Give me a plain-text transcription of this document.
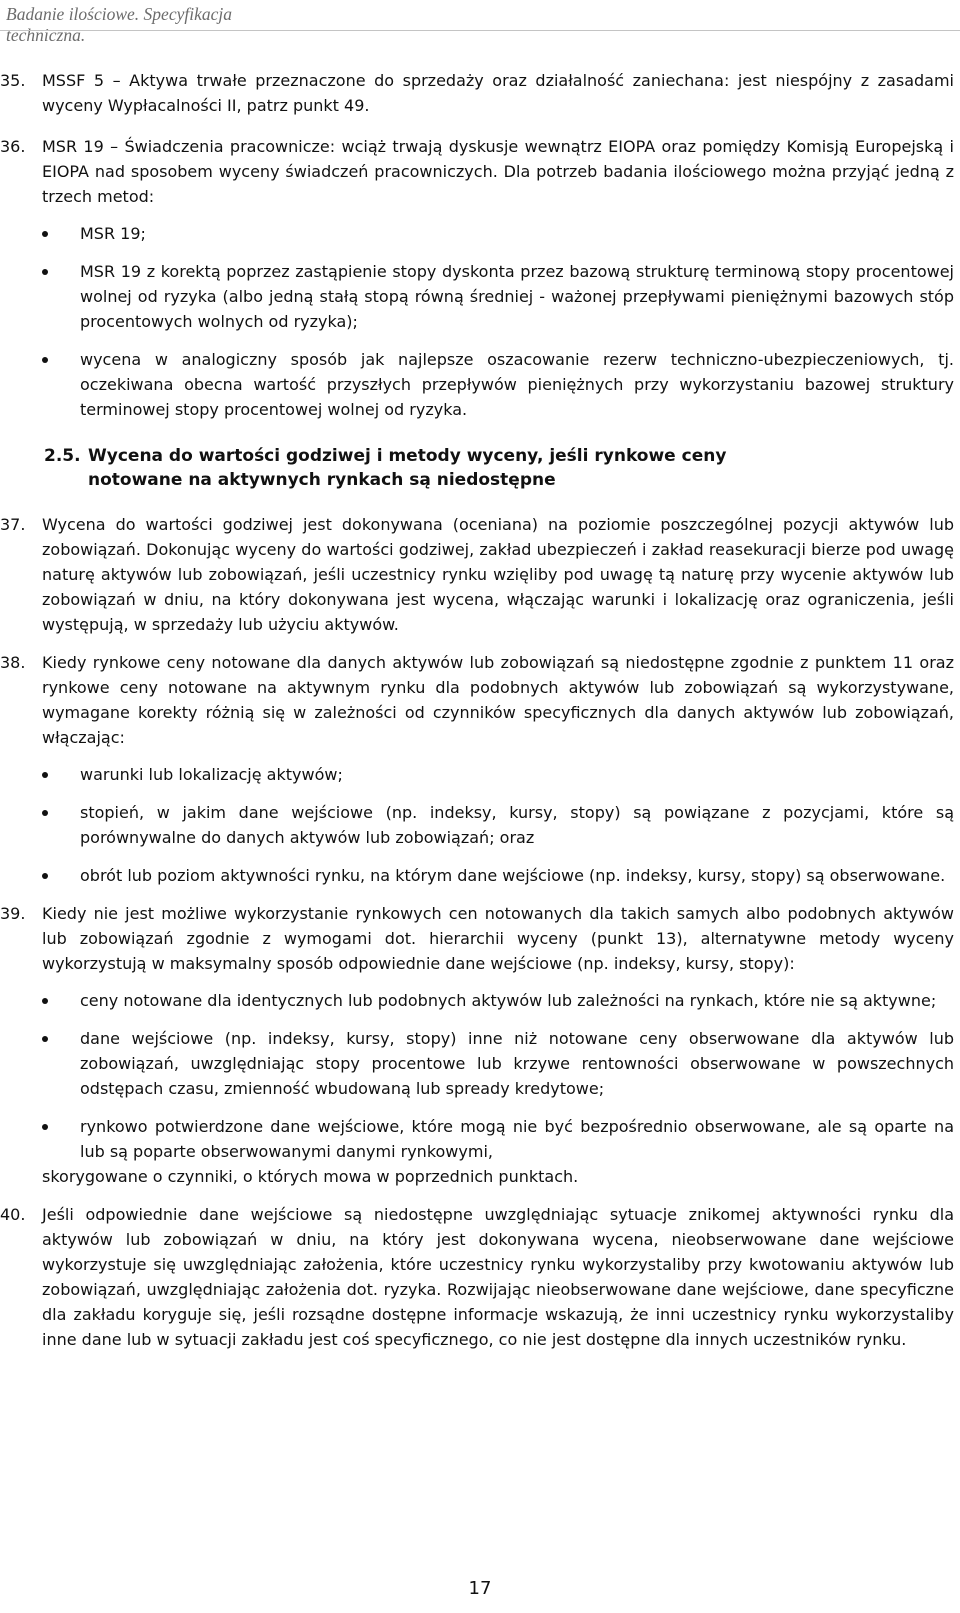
Badanie ilościowe. Specyfikacja techniczna.
35. MSSF 5 – Aktywa trwałe przeznaczone do sprzedaży oraz działalność zaniechana: jest niespójny z zasadami wyceny Wypłacalności II, patrz punkt 49.
36. MSR 19 – Świadczenia pracownicze: wciąż trwają dyskusje wewnątrz EIOPA oraz pomiędzy Komisją Europejską i EIOPA nad sposobem wyceny świadczeń pracowniczych. Dla potrzeb badania ilościowego można przyjąć jedną z trzech metod:
MSR 19;
MSR 19 z korektą poprzez zastąpienie stopy dyskonta przez bazową strukturę terminową stopy procentowej wolnej od ryzyka (albo jedną stałą stopą równą średniej - ważonej przepływami pieniężnymi bazowych stóp procentowych wolnych od ryzyka);
wycena w analogiczny sposób jak najlepsze oszacowanie rezerw techniczno-ubezpieczeniowych, tj. oczekiwana obecna wartość przyszłych przepływów pieniężnych przy wykorzystaniu bazowej struktury terminowej stopy procentowej wolnej od ryzyka.
2.5. Wycena do wartości godziwej i metody wyceny, jeśli rynkowe ceny
notowane na aktywnych rynkach są niedostępne
37. Wycena do wartości godziwej jest dokonywana (oceniana) na poziomie poszczególnej pozycji aktywów lub zobowiązań. Dokonując wyceny do wartości godziwej, zakład ubezpieczeń i zakład reasekuracji bierze pod uwagę naturę aktywów lub zobowiązań, jeśli uczestnicy rynku wzięliby pod uwagę tą naturę przy wycenie aktywów lub zobowiązań w dniu, na który dokonywana jest wycena, włączając warunki i lokalizację oraz ograniczenia, jeśli występują, w sprzedaży lub użyciu aktywów.
38. Kiedy rynkowe ceny notowane dla danych aktywów lub zobowiązań są niedostępne zgodnie z punktem 11 oraz rynkowe ceny notowane na aktywnym rynku dla podobnych aktywów lub zobowiązań są wykorzystywane, wymagane korekty różnią się w zależności od czynników specyficznych dla danych aktywów lub zobowiązań, włączając:
warunki lub lokalizację aktywów;
stopień, w jakim dane wejściowe (np. indeksy, kursy, stopy) są powiązane z pozycjami, które są porównywalne do danych aktywów lub zobowiązań; oraz
obrót lub poziom aktywności rynku, na którym dane wejściowe (np. indeksy, kursy, stopy) są obserwowane.
39. Kiedy nie jest możliwe wykorzystanie rynkowych cen notowanych dla takich samych albo podobnych aktywów lub zobowiązań zgodnie z wymogami dot. hierarchii wyceny (punkt 13), alternatywne metody wyceny wykorzystują w maksymalny sposób odpowiednie dane wejściowe (np. indeksy, kursy, stopy):
ceny notowane dla identycznych lub podobnych aktywów lub zależności na rynkach, które nie są aktywne;
dane wejściowe (np. indeksy, kursy, stopy) inne niż notowane ceny obserwowane dla aktywów lub zobowiązań, uwzględniając stopy procentowe lub krzywe rentowności obserwowane w powszechnych odstępach czasu, zmienność wbudowaną lub spready kredytowe;
rynkowo potwierdzone dane wejściowe, które mogą nie być bezpośrednio obserwowane, ale są oparte na lub są poparte obserwowanymi danymi rynkowymi,
skorygowane o czynniki, o których mowa w poprzednich punktach.
40. Jeśli odpowiednie dane wejściowe są niedostępne uwzględniając sytuacje znikomej aktywności rynku dla aktywów lub zobowiązań w dniu, na który jest dokonywana wycena, nieobserwowane dane wejściowe wykorzystuje się uwzględniając założenia, które uczestnicy rynku wykorzystaliby przy kwotowaniu aktywów lub zobowiązań, uwzględniając założenia dot. ryzyka. Rozwijając nieobserwowane dane wejściowe, dane specyficzne dla zakładu koryguje się, jeśli rozsądne dostępne informacje wskazują, że inni uczestnicy rynku wykorzystaliby inne dane lub w sytuacji zakładu jest coś specyficznego, co nie jest dostępne dla innych uczestników rynku.
17
